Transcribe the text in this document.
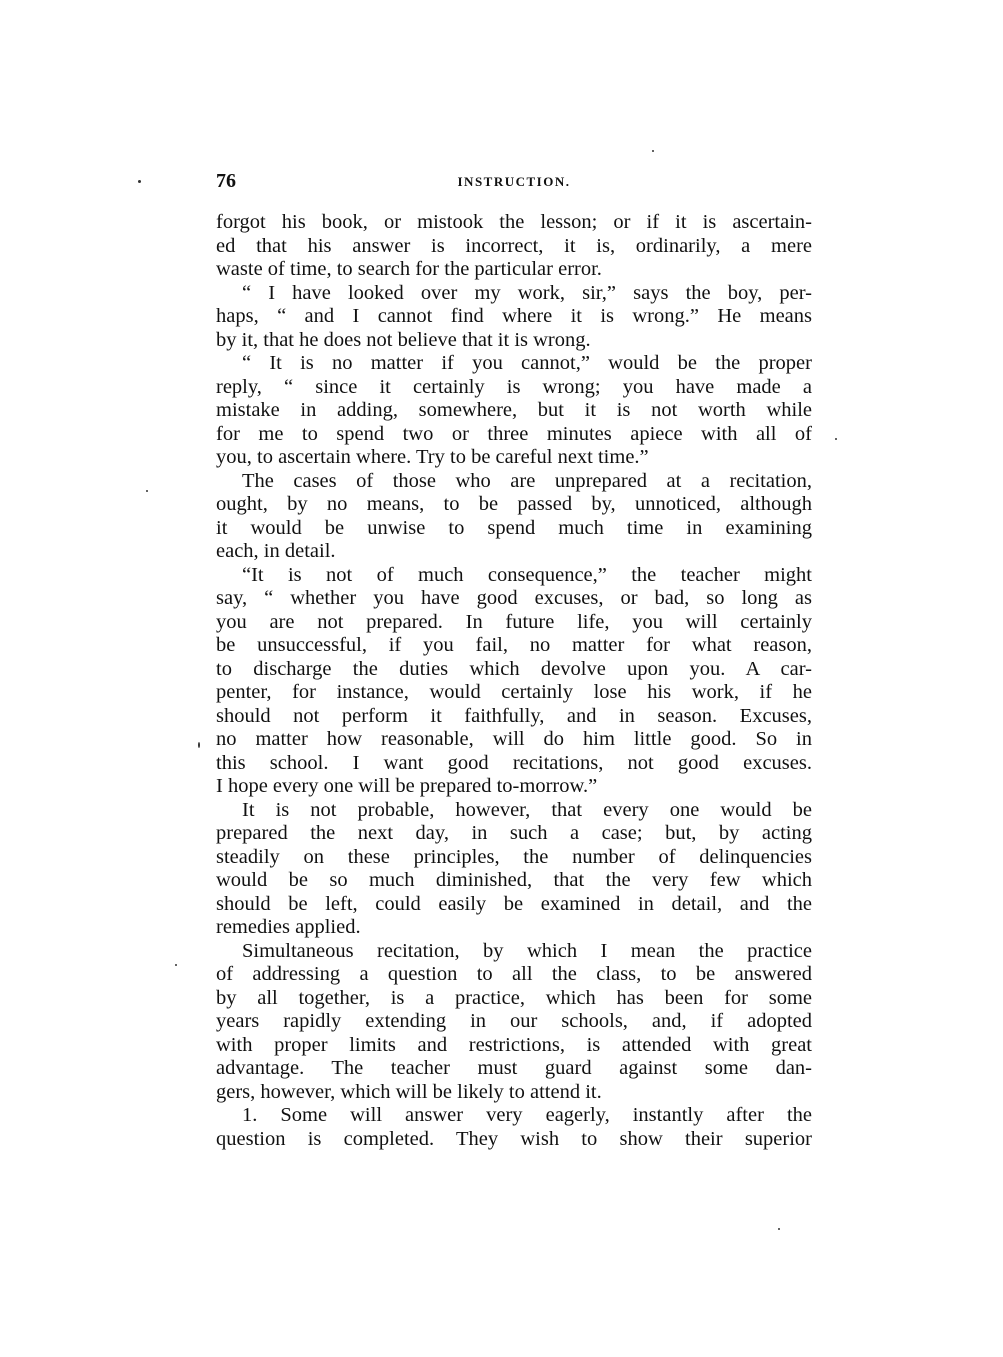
76	INSTRUCTION.
forgot his book, or mistook the lesson; or if it is ascertain-
ed that his answer is incorrect, it is, ordinarily, a mere
waste of time, to search for the particular error.
“ I have looked over my work, sir,” says the boy, per-
haps, “ and I cannot find where it is wrong.” He means
by it, that he does not believe that it is wrong.
“ It is no matter if you cannot,” would be the proper
reply, “ since it certainly is wrong; you have made a
mistake in adding, somewhere, but it is not worth while
for me to spend two or three minutes apiece with all of
you, to ascertain where. Try to be careful next time.”
The cases of those who are unprepared at a recitation,
ought, by no means, to be passed by, unnoticed, although
it would be unwise to spend much time in examining
each, in detail.
“It is not of much consequence,” the teacher might
say, “ whether you have good excuses, or bad, so long as
you are not prepared. In future life, you will certainly
be unsuccessful, if you fail, no matter for what reason,
to discharge the duties which devolve upon you. A car-
penter, for instance, would certainly lose his work, if he
should not perform it faithfully, and in season. Excuses,
no matter how reasonable, will do him little good. So in
this school. I want good recitations, not good excuses.
I hope every one will be prepared to-morrow.”
It is not probable, however, that every one would be
prepared the next day, in such a case; but, by acting
steadily on these principles, the number of delinquencies
would be so much diminished, that the very few which
should be left, could easily be examined in detail, and the
remedies applied.
Simultaneous recitation, by which I mean the practice
of addressing a question to all the class, to be answered
by all together, is a practice, which has been for some
years rapidly extending in our schools, and, if adopted
with proper limits and restrictions, is attended with great
advantage. The teacher must guard against some dan-
gers, however, which will be likely to attend it.
1. Some will answer very eagerly, instantly after the
question is completed. They wish to show their superior
